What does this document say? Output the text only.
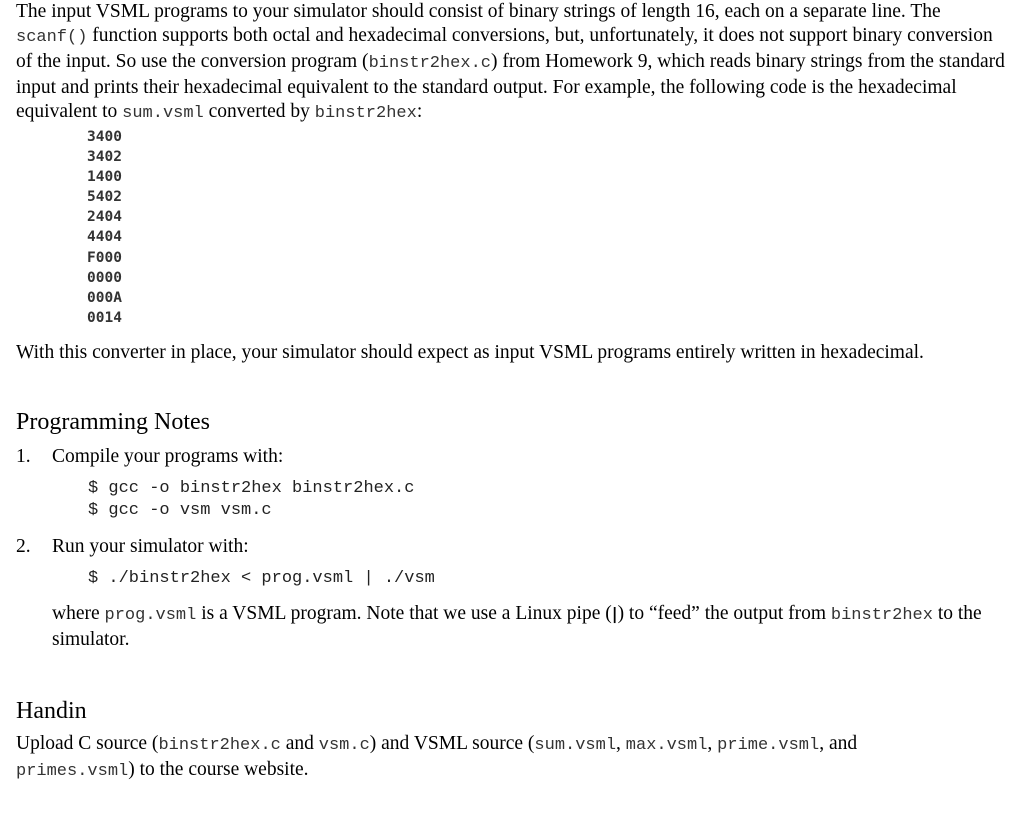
The input VSML programs to your simulator should consist of binary strings of length 16, each on a separate line. The scanf() function supports both octal and hexadecimal conversions, but, unfortunately, it does not support binary conversion of the input. So use the conversion program (binstr2hex.c) from Homework 9, which reads binary strings from the standard input and prints their hexadecimal equivalent to the standard output. For example, the following code is the hexadecimal equivalent to sum.vsml converted by binstr2hex:

3400
3402
1400
5402
2404
4404
F000
0000
000A
0014

With this converter in place, your simulator should expect as input VSML programs entirely written in hexadecimal.

Programming Notes
1. Compile your programs with:
$ gcc -o binstr2hex binstr2hex.c
$ gcc -o vsm vsm.c
2. Run your simulator with:
$ ./binstr2hex < prog.vsml | ./vsm

where prog.vsml is a VSML program. Note that we use a Linux pipe (|) to “feed” the output from binstr2hex to the simulator.

Handin

Upload C source (binstr2hex.c and vsm.c) and VSML source (sum.vsml, max.vsml, prime.vsml, and primes.vsml) to the course website.
